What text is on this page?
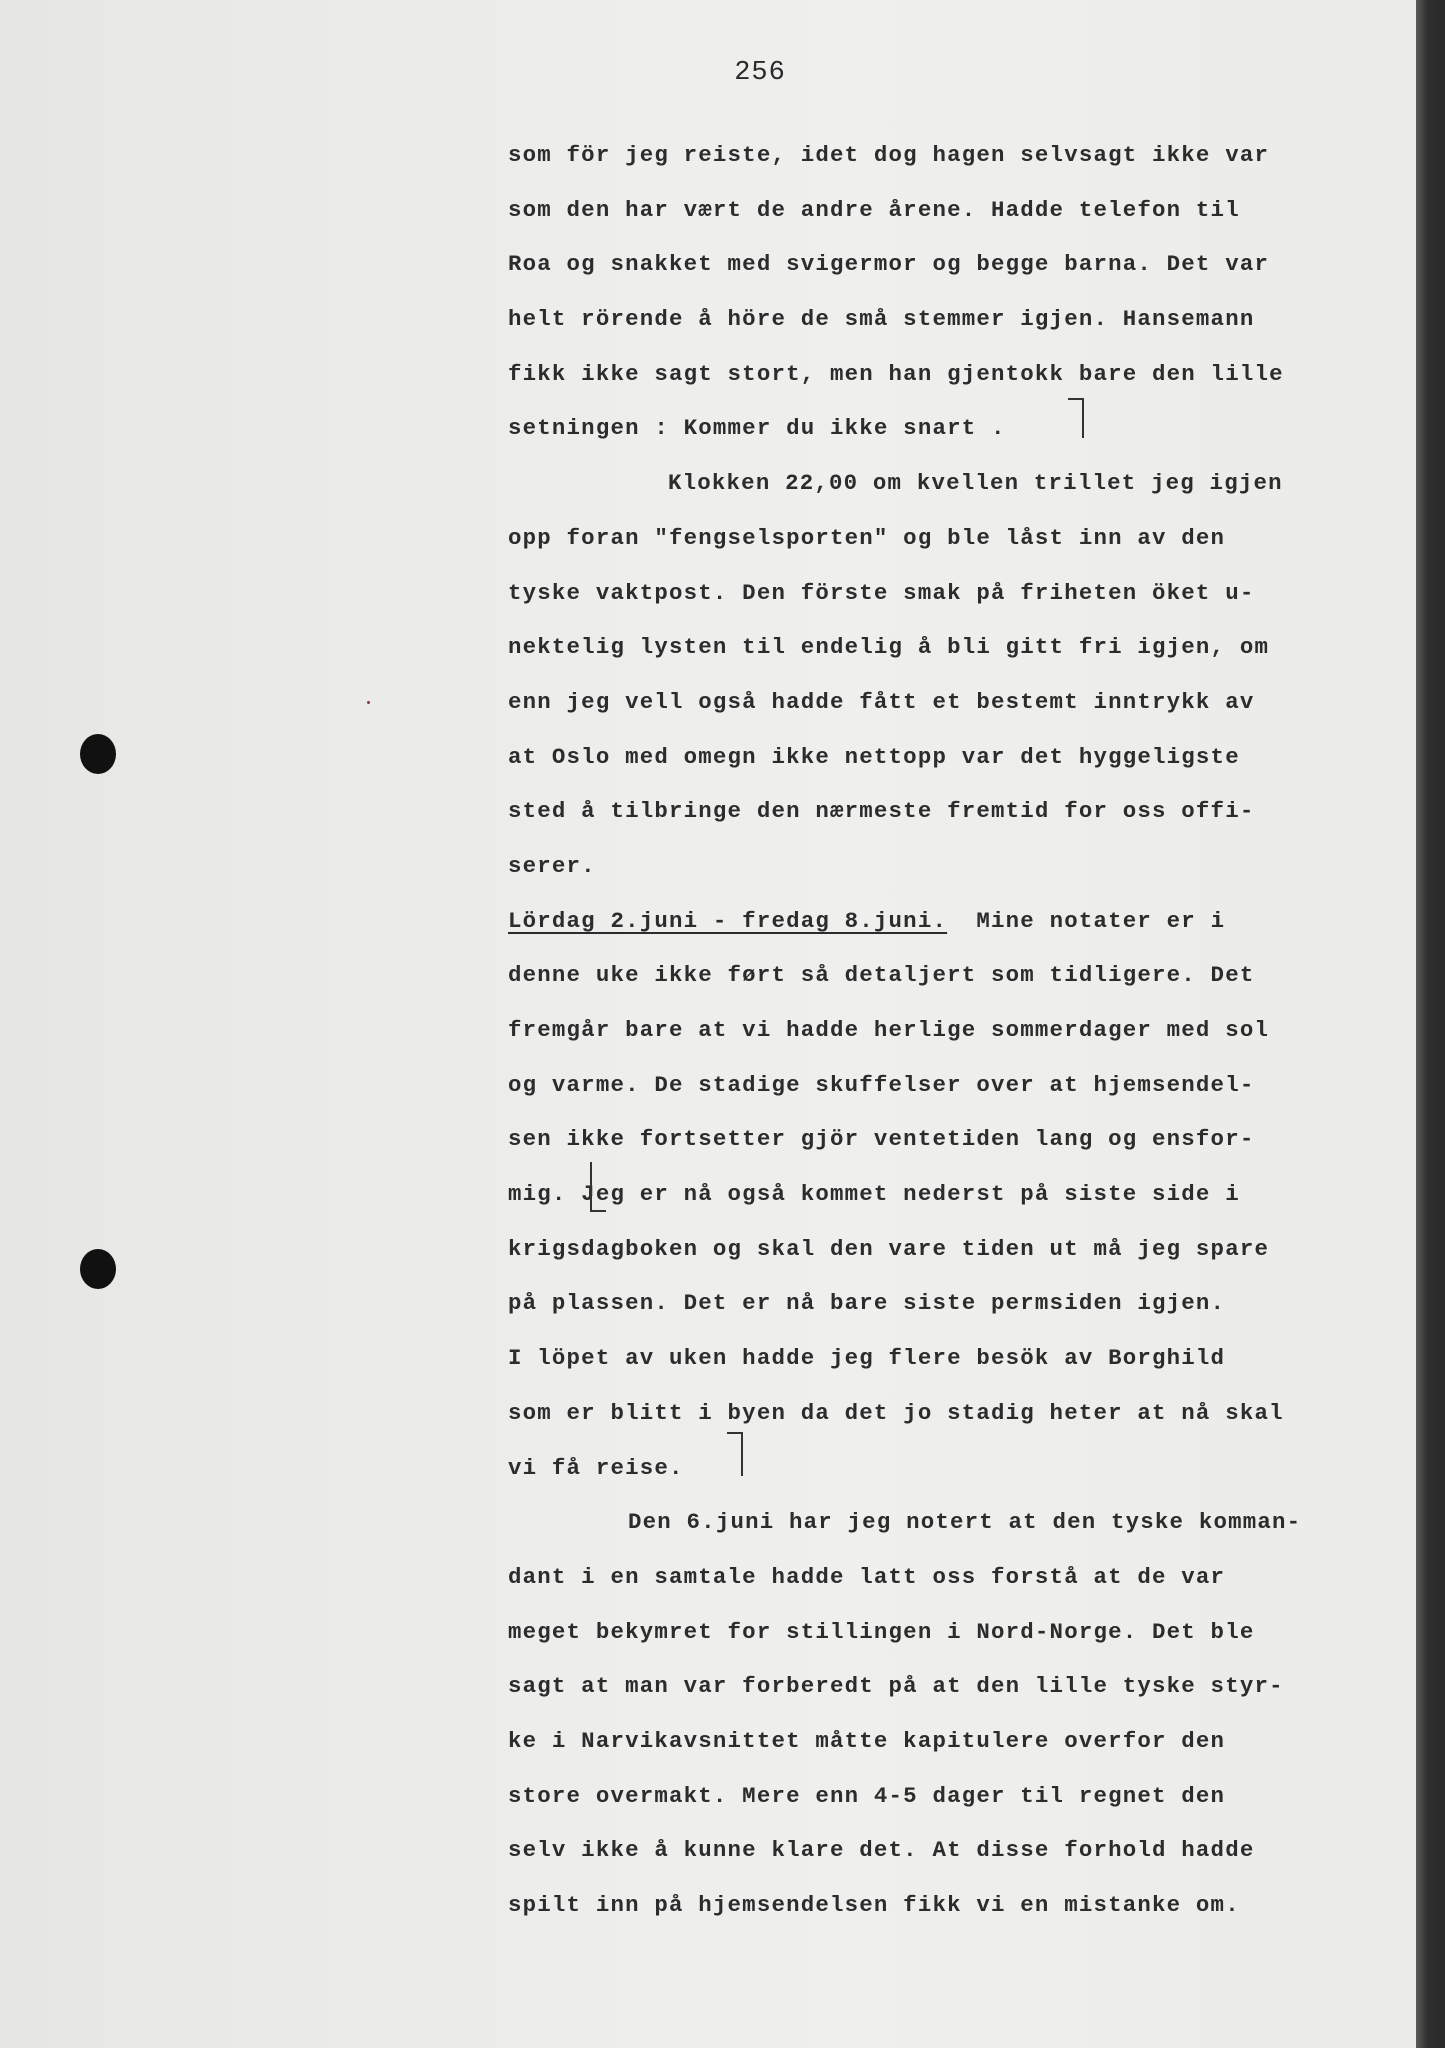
256
som för jeg reiste, idet dog hagen selvsagt ikke var
som den har vært de andre årene. Hadde telefon til
Roa og snakket med svigermor og begge barna. Det var
helt rörende å höre de små stemmer igjen. Hansemann
fikk ikke sagt stort, men han gjentokk bare den lille
setningen : Kommer du ikke snart .
Klokken 22,00 om kvellen trillet jeg igjen
opp foran "fengselsporten" og ble låst inn av den
tyske vaktpost. Den förste smak på friheten öket u-
nektelig lysten til endelig å bli gitt fri igjen, om
enn jeg vell også hadde fått et bestemt inntrykk av
at Oslo med omegn ikke nettopp var det hyggeligste
sted å tilbringe den nærmeste fremtid for oss offi-
serer.
Lördag 2.juni - fredag 8.juni. Mine notater er i
denne uke ikke ført så detaljert som tidligere. Det
fremgår bare at vi hadde herlige sommerdager med sol
og varme. De stadige skuffelser over at hjemsendel-
sen ikke fortsetter gjör ventetiden lang og ensfor-
mig. Jeg er nå også kommet nederst på siste side i
krigsdagboken og skal den vare tiden ut må jeg spare
på plassen. Det er nå bare siste permsiden igjen.
I löpet av uken hadde jeg flere besök av Borghild
som er blitt i byen da det jo stadig heter at nå skal
vi få reise.
Den 6.juni har jeg notert at den tyske komman-
dant i en samtale hadde latt oss forstå at de var
meget bekymret for stillingen i Nord-Norge. Det ble
sagt at man var forberedt på at den lille tyske styr-
ke i Narvikavsnittet måtte kapitulere overfor den
store overmakt. Mere enn 4-5 dager til regnet den
selv ikke å kunne klare det. At disse forhold hadde
spilt inn på hjemsendelsen fikk vi en mistanke om.
